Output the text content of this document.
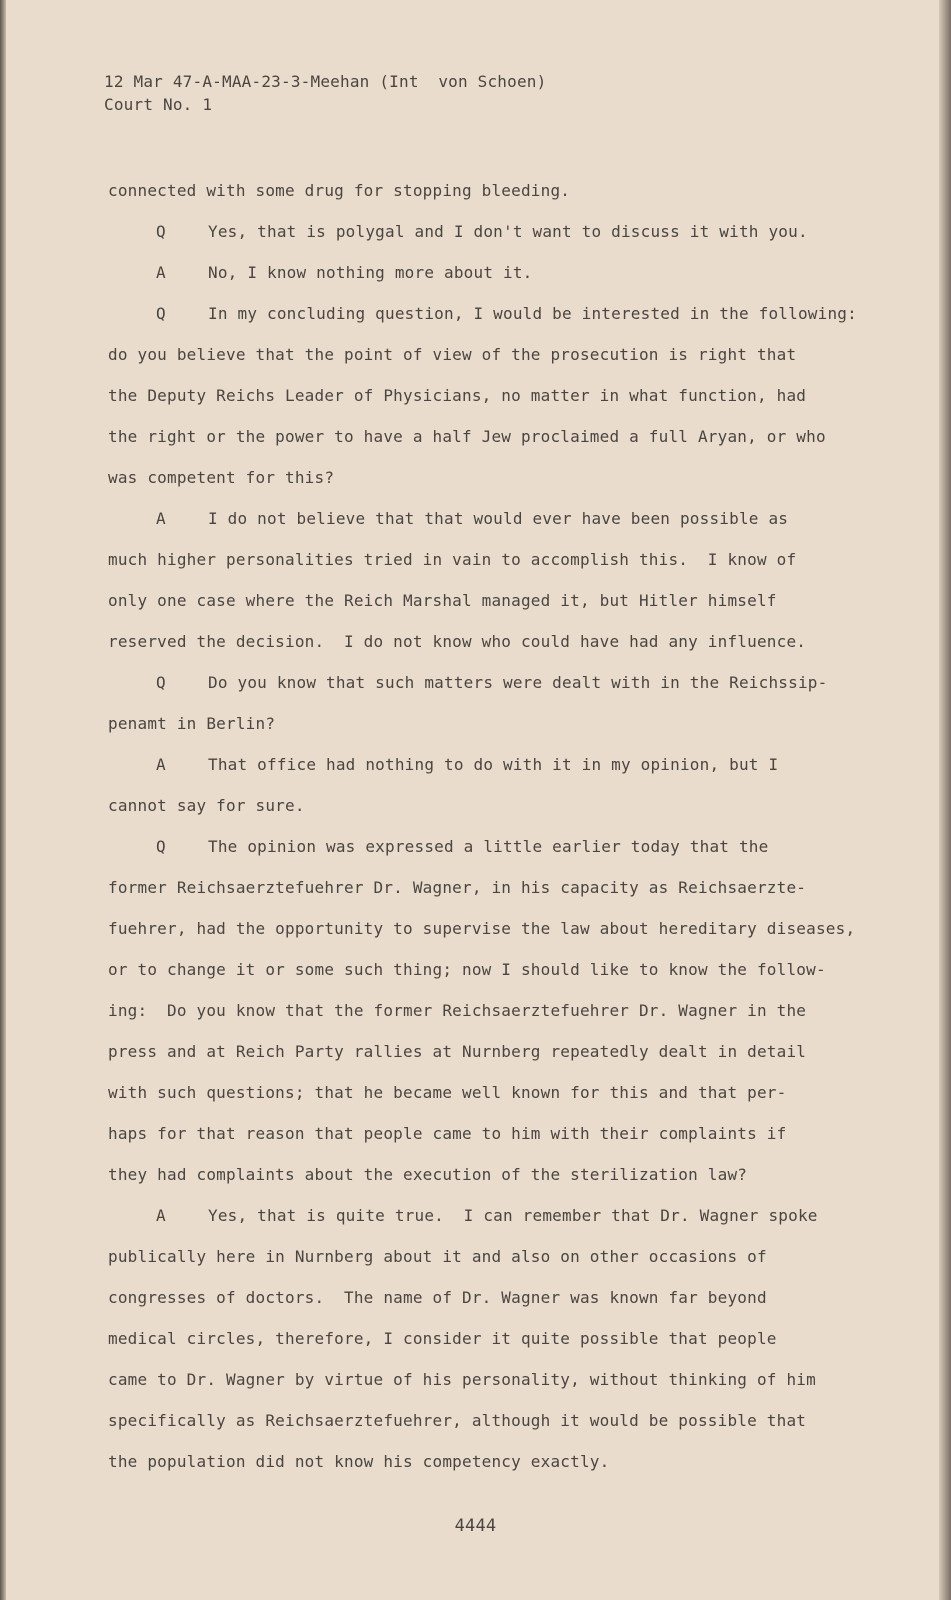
12 Mar 47-A-MAA-23-3-Meehan (Int  von Schoen)
Court No. 1
connected with some drug for stopping bleeding.
Q	Yes, that is polygal and I don't want to discuss it with you.
A	No, I know nothing more about it.
Q	In my concluding question, I would be interested in the following:
do you believe that the point of view of the prosecution is right that
the Deputy Reichs Leader of Physicians, no matter in what function, had
the right or the power to have a half Jew proclaimed a full Aryan, or who
was competent for this?
A	I do not believe that that would ever have been possible as
much higher personalities tried in vain to accomplish this.  I know of
only one case where the Reich Marshal managed it, but Hitler himself
reserved the decision.  I do not know who could have had any influence.
Q	Do you know that such matters were dealt with in the Reichssip-
penamt in Berlin?
A	That office had nothing to do with it in my opinion, but I
cannot say for sure.
Q	The opinion was expressed a little earlier today that the
former Reichsaerztefuehrer Dr. Wagner, in his capacity as Reichsaerzte-
fuehrer, had the opportunity to supervise the law about hereditary diseases,
or to change it or some such thing; now I should like to know the follow-
ing:  Do you know that the former Reichsaerztefuehrer Dr. Wagner in the
press and at Reich Party rallies at Nurnberg repeatedly dealt in detail
with such questions; that he became well known for this and that per-
haps for that reason that people came to him with their complaints if
they had complaints about the execution of the sterilization law?
A	Yes, that is quite true.  I can remember that Dr. Wagner spoke
publically here in Nurnberg about it and also on other occasions of
congresses of doctors.  The name of Dr. Wagner was known far beyond
medical circles, therefore, I consider it quite possible that people
came to Dr. Wagner by virtue of his personality, without thinking of him
specifically as Reichsaerztefuehrer, although it would be possible that
the population did not know his competency exactly.
4444
